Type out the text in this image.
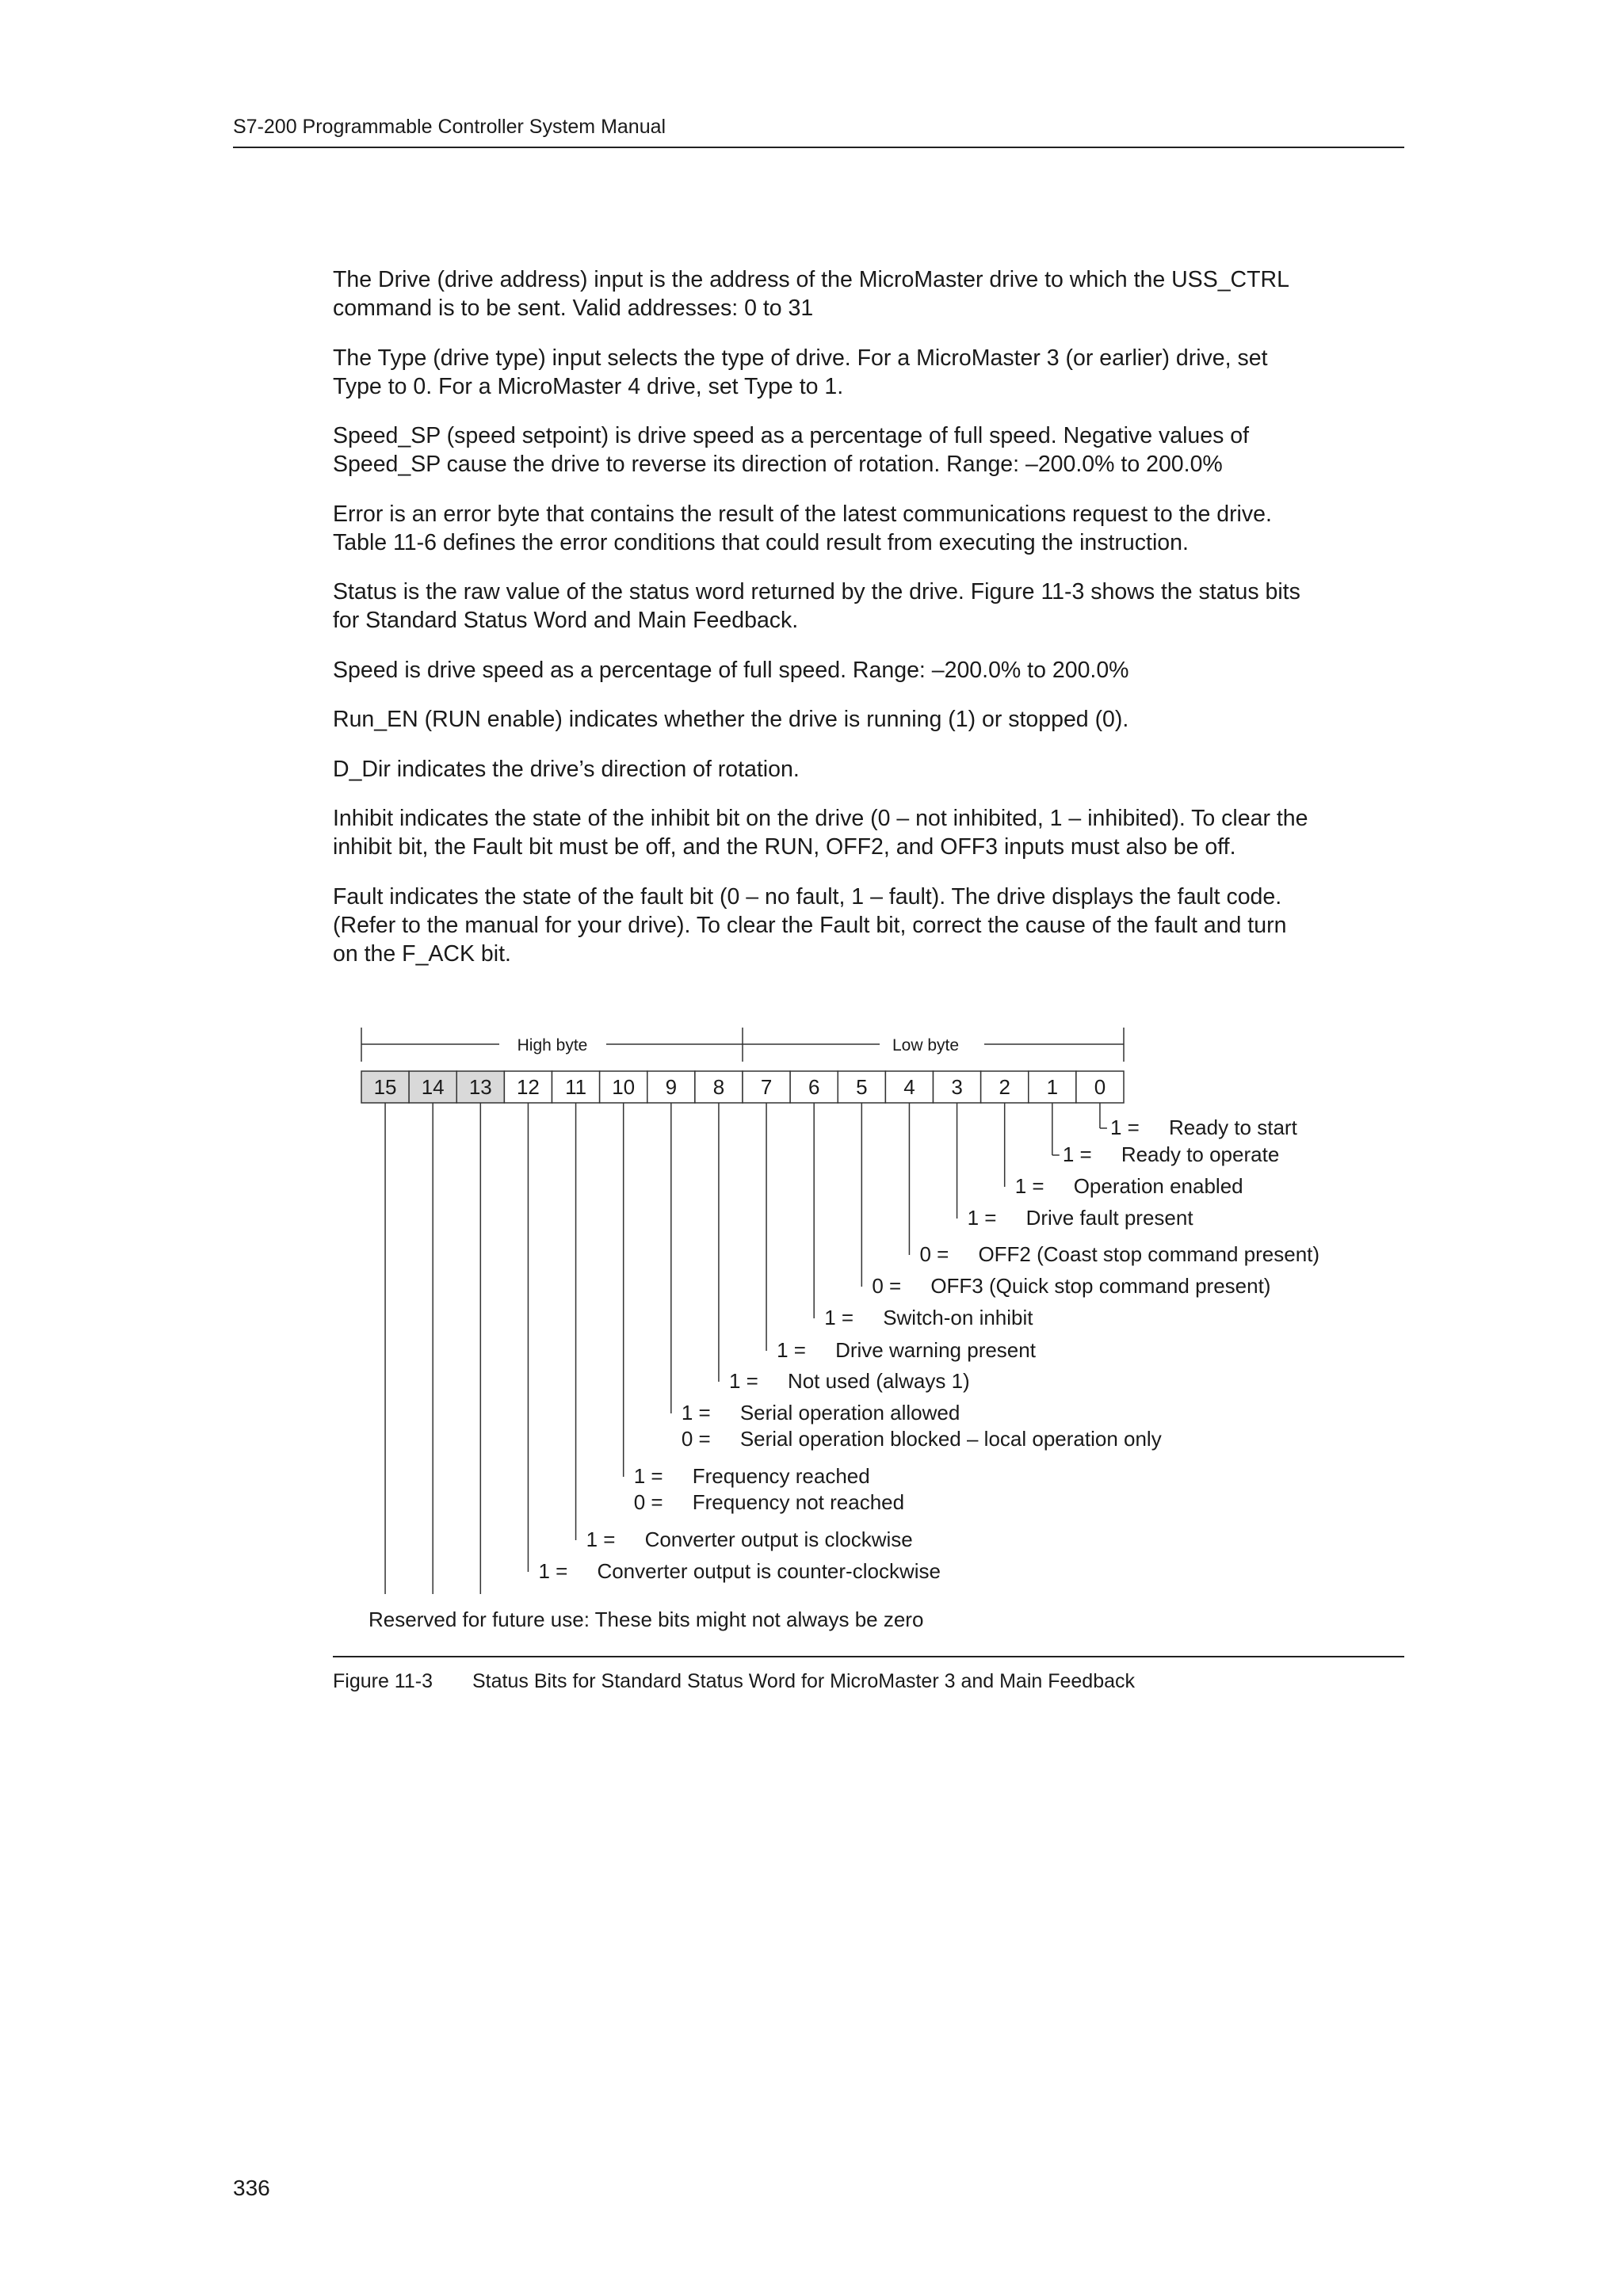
S7-200 Programmable Controller System Manual

The Drive (drive address) input is the address of the MicroMaster drive to which the USS_CTRL
command is to be sent. Valid addresses: 0 to 31

The Type (drive type) input selects the type of drive. For a MicroMaster 3 (or earlier) drive, set
Type to 0. For a MicroMaster 4 drive, set Type to 1.

Speed_SP (speed setpoint) is drive speed as a percentage of full speed. Negative values of
Speed_SP cause the drive to reverse its direction of rotation. Range: –200.0% to 200.0%

Error is an error byte that contains the result of the latest communications request to the drive.
Table 11-6 defines the error conditions that could result from executing the instruction.

Status is the raw value of the status word returned by the drive. Figure 11-3 shows the status bits
for Standard Status Word and Main Feedback.

Speed is drive speed as a percentage of full speed. Range: –200.0% to 200.0%

Run_EN (RUN enable) indicates whether the drive is running (1) or stopped (0).

D_Dir indicates the drive’s direction of rotation.

Inhibit indicates the state of the inhibit bit on the drive (0 – not inhibited, 1 – inhibited). To clear the
inhibit bit, the Fault bit must be off, and the RUN, OFF2, and OFF3 inputs must also be off.

Fault indicates the state of the fault bit (0 – no fault, 1 – fault). The drive displays the fault code.
(Refer to the manual for your drive). To clear the Fault bit, correct the cause of the fault and turn
on the F_ACK bit.

High byte	Low byte
15 14 13 12 11 10 9 8 7 6 5 4 3 2 1 0
Reserved for future use: These bits might not always be zero
1 = Ready to start
1 = Ready to operate
1 = Operation enabled
1 = Drive fault present
0 = OFF2 (Coast stop command present)
0 = OFF3 (Quick stop command present)
1 = Switch-on inhibit
1 = Drive warning present
1 = Not used (always 1)
1 = Serial operation allowed
0 = Serial operation blocked – local operation only
1 = Frequency reached
0 = Frequency not reached
1 = Converter output is clockwise
1 = Converter output is counter-clockwise
Figure 11-3 Status Bits for Standard Status Word for MicroMaster 3 and Main Feedback
336
